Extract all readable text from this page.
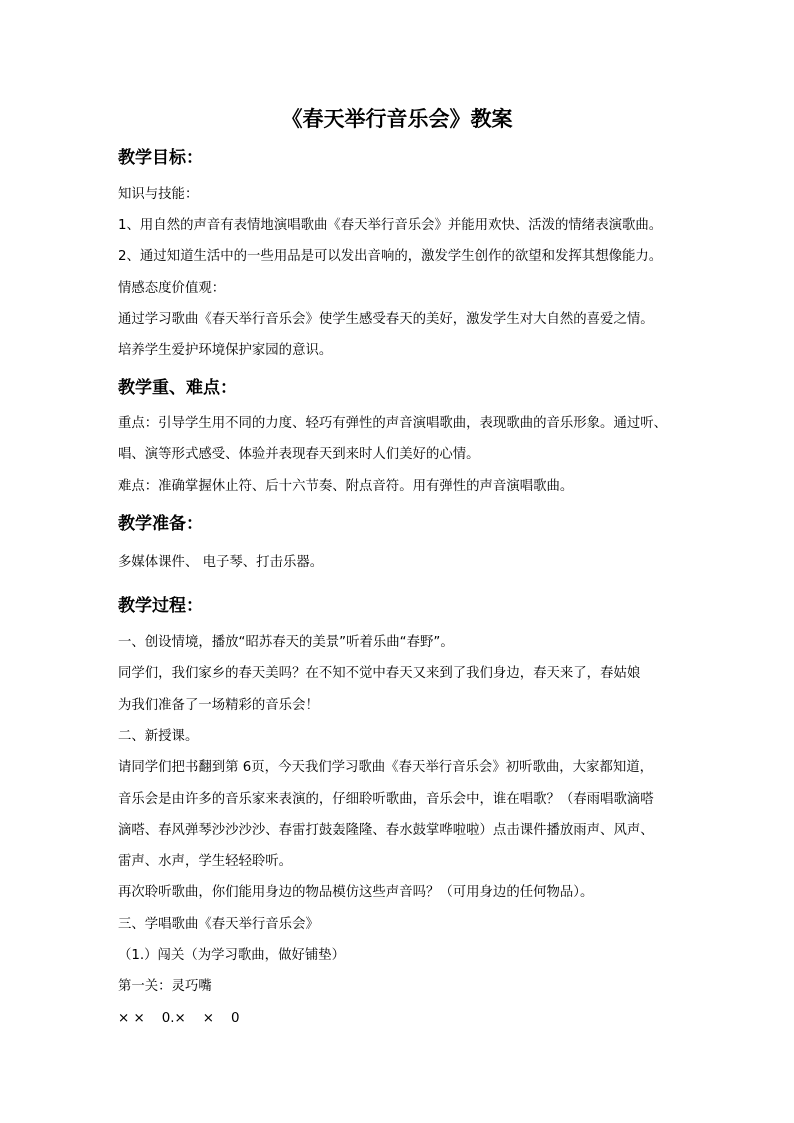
《春天举行音乐会》教案
教学目标：
知识与技能：
1、用自然的声音有表情地演唱歌曲《春天举行音乐会》并能用欢快、活泼的情绪表演歌曲。
2、通过知道生活中的一些用品是可以发出音响的，激发学生创作的欲望和发挥其想像能力。
情感态度价值观：
通过学习歌曲《春天举行音乐会》使学生感受春天的美好，激发学生对大自然的喜爱之情。
培养学生爱护环境保护家园的意识。
教学重、难点：
重点：引导学生用不同的力度、轻巧有弹性的声音演唱歌曲，表现歌曲的音乐形象。通过听、
唱、演等形式感受、体验并表现春天到来时人们美好的心情。
难点：准确掌握休止符、后十六节奏、附点音符。用有弹性的声音演唱歌曲。
教学准备：
多媒体课件、 电子琴、打击乐器。
教学过程：
一、创设情境，播放“昭苏春天的美景”听着乐曲“春野”。
同学们，我们家乡的春天美吗？在不知不觉中春天又来到了我们身边，春天来了，春姑娘
为我们准备了一场精彩的音乐会！
二、新授课。
请同学们把书翻到第 6页，今天我们学习歌曲《春天举行音乐会》初听歌曲，大家都知道，
音乐会是由许多的音乐家来表演的，仔细聆听歌曲，音乐会中，谁在唱歌？（春雨唱歌滴嗒
滴嗒、春风弹琴沙沙沙沙、春雷打鼓轰隆隆、春水鼓掌哗啦啦）点击课件播放雨声、风声、
雷声、水声，学生轻轻聆听。
再次聆听歌曲，你们能用身边的物品模仿这些声音吗？（可用身边的任何物品）。
三、学唱歌曲《春天举行音乐会》
（1.）闯关（为学习歌曲，做好铺垫）
第一关：灵巧嘴
× ×    0.×    ×    0
